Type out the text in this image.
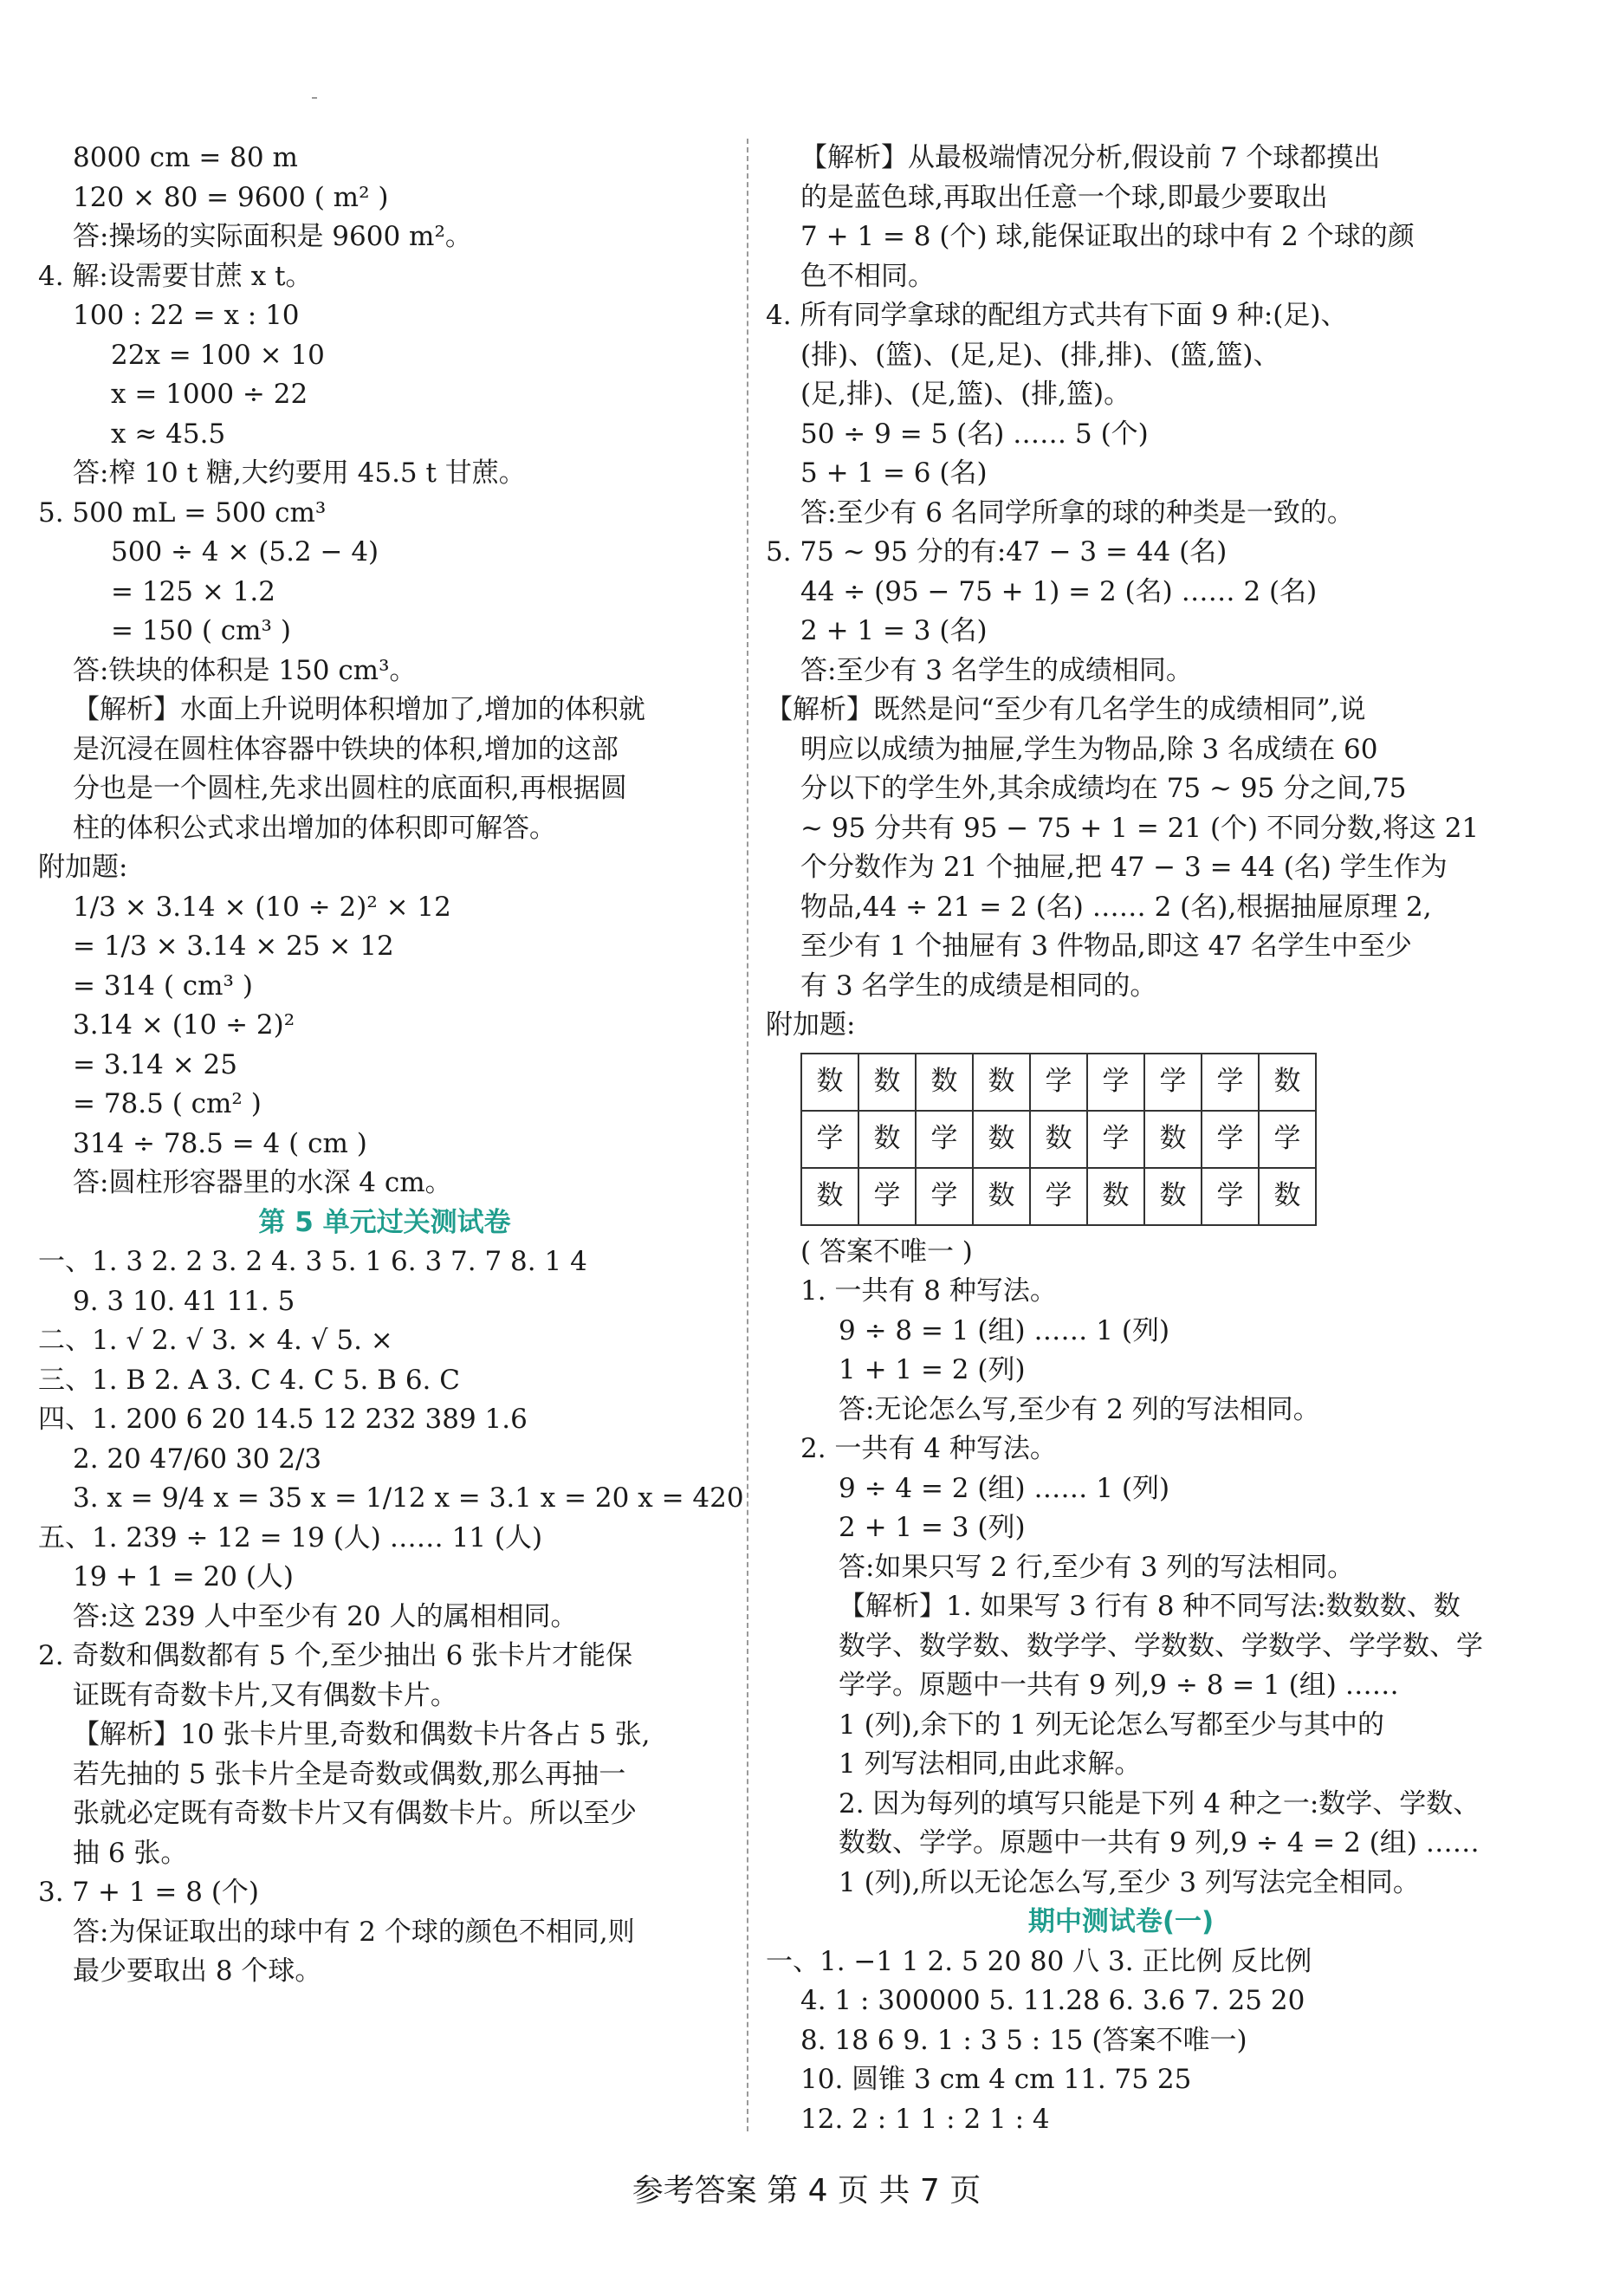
8000 cm = 80 m
120 × 80 = 9600 ( m² )
答:操场的实际面积是 9600 m²。
4. 解:设需要甘蔗 x t。
100 : 22 = x : 10
22x = 100 × 10
x = 1000 ÷ 22
x ≈ 45.5
答:榨 10 t 糖,大约要用 45.5 t 甘蔗。
5. 500 mL = 500 cm³
500 ÷ 4 × (5.2 − 4)
= 125 × 1.2
= 150 ( cm³ )
答:铁块的体积是 150 cm³。
【解析】水面上升说明体积增加了,增加的体积就
是沉浸在圆柱体容器中铁块的体积,增加的这部
分也是一个圆柱,先求出圆柱的底面积,再根据圆
柱的体积公式求出增加的体积即可解答。
附加题:
1/3 × 3.14 × (10 ÷ 2)² × 12
= 1/3 × 3.14 × 25 × 12
= 314 ( cm³ )
3.14 × (10 ÷ 2)²
= 3.14 × 25
= 78.5 ( cm² )
314 ÷ 78.5 = 4 ( cm )
答:圆柱形容器里的水深 4 cm。
第 5 单元过关测试卷
一、1. 3 2. 2 3. 2 4. 3 5. 1 6. 3 7. 7 8. 1 4
9. 3 10. 41 11. 5
二、1. √ 2. √ 3. × 4. √ 5. ×
三、1. B 2. A 3. C 4. C 5. B 6. C
四、1. 200 6 20 14.5 12 232 389 1.6
2. 20 47/60 30 2/3
3. x = 9/4 x = 35 x = 1/12 x = 3.1 x = 20 x = 420
五、1. 239 ÷ 12 = 19 (人) …… 11 (人)
19 + 1 = 20 (人)
答:这 239 人中至少有 20 人的属相相同。
2. 奇数和偶数都有 5 个,至少抽出 6 张卡片才能保
证既有奇数卡片,又有偶数卡片。
【解析】10 张卡片里,奇数和偶数卡片各占 5 张,
若先抽的 5 张卡片全是奇数或偶数,那么再抽一
张就必定既有奇数卡片又有偶数卡片。所以至少
抽 6 张。
3. 7 + 1 = 8 (个)
答:为保证取出的球中有 2 个球的颜色不相同,则
最少要取出 8 个球。
【解析】从最极端情况分析,假设前 7 个球都摸出
的是蓝色球,再取出任意一个球,即最少要取出
7 + 1 = 8 (个) 球,能保证取出的球中有 2 个球的颜
色不相同。
4. 所有同学拿球的配组方式共有下面 9 种:(足)、
(排)、(篮)、(足,足)、(排,排)、(篮,篮)、
(足,排)、(足,篮)、(排,篮)。
50 ÷ 9 = 5 (名) …… 5 (个)
5 + 1 = 6 (名)
答:至少有 6 名同学所拿的球的种类是一致的。
5. 75 ~ 95 分的有:47 − 3 = 44 (名)
44 ÷ (95 − 75 + 1) = 2 (名) …… 2 (名)
2 + 1 = 3 (名)
答:至少有 3 名学生的成绩相同。
【解析】既然是问“至少有几名学生的成绩相同”,说
明应以成绩为抽屉,学生为物品,除 3 名成绩在 60
分以下的学生外,其余成绩均在 75 ~ 95 分之间,75
~ 95 分共有 95 − 75 + 1 = 21 (个) 不同分数,将这 21
个分数作为 21 个抽屉,把 47 − 3 = 44 (名) 学生作为
物品,44 ÷ 21 = 2 (名) …… 2 (名),根据抽屉原理 2,
至少有 1 个抽屉有 3 件物品,即这 47 名学生中至少
有 3 名学生的成绩是相同的。
附加题:
数	数	数	数	学	学	学	学	数
学	数	学	数	数	学	数	学	学
数	学	学	数	学	数	数	学	数
( 答案不唯一 )
1. 一共有 8 种写法。
9 ÷ 8 = 1 (组) …… 1 (列)
1 + 1 = 2 (列)
答:无论怎么写,至少有 2 列的写法相同。
2. 一共有 4 种写法。
9 ÷ 4 = 2 (组) …… 1 (列)
2 + 1 = 3 (列)
答:如果只写 2 行,至少有 3 列的写法相同。
【解析】1. 如果写 3 行有 8 种不同写法:数数数、数
数学、数学数、数学学、学数数、学数学、学学数、学
学学。原题中一共有 9 列,9 ÷ 8 = 1 (组) ……
1 (列),余下的 1 列无论怎么写都至少与其中的
1 列写法相同,由此求解。
2. 因为每列的填写只能是下列 4 种之一:数学、学数、
数数、学学。原题中一共有 9 列,9 ÷ 4 = 2 (组) ……
1 (列),所以无论怎么写,至少 3 列写法完全相同。
期中测试卷(一)
一、1. −1 1 2. 5 20 80 八 3. 正比例 反比例
4. 1 : 300000 5. 11.28 6. 3.6 7. 25 20
8. 18 6 9. 1 : 3 5 : 15 (答案不唯一)
10. 圆锥 3 cm 4 cm 11. 75 25
12. 2 : 1 1 : 2 1 : 4
参考答案 第 4 页 共 7 页
